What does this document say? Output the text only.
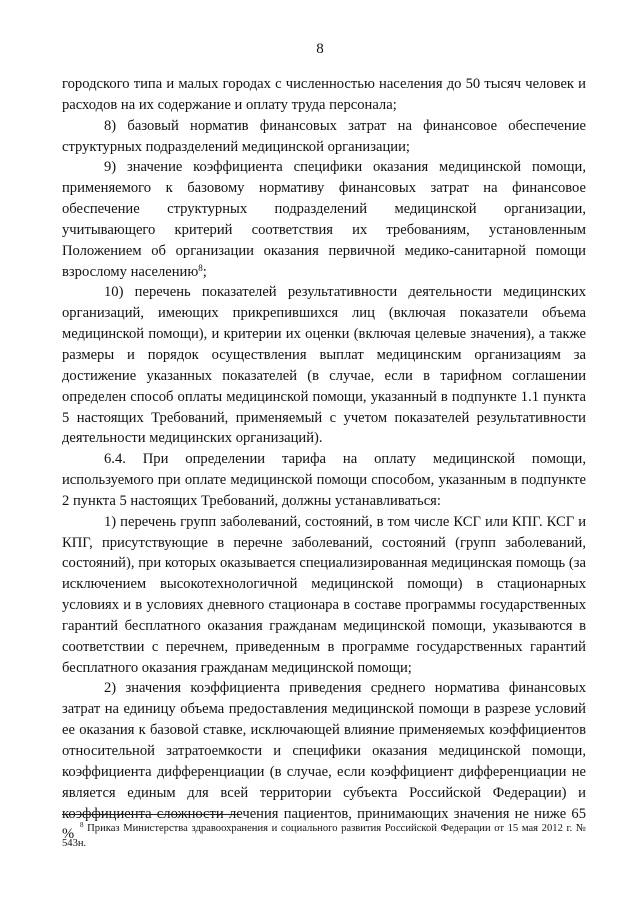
8

городского типа и малых городах с численностью населения до 50 тысяч человек и расходов на их содержание и оплату труда персонала;

8) базовый норматив финансовых затрат на финансовое обеспечение структурных подразделений медицинской организации;

9) значение коэффициента специфики оказания медицинской помощи, применяемого к базовому нормативу финансовых затрат на финансовое обеспечение структурных подразделений медицинской организации, учитывающего критерий соответствия их требованиям, установленным Положением об организации оказания первичной медико-санитарной помощи взрослому населению$^8$;

10) перечень показателей результативности деятельности медицинских организаций, имеющих прикрепившихся лиц (включая показатели объема медицинской помощи), и критерии их оценки (включая целевые значения), а также размеры и порядок осуществления выплат медицинским организациям за достижение указанных показателей (в случае, если в тарифном соглашении определен способ оплаты медицинской помощи, указанный в подпункте 1.1 пункта 5 настоящих Требований, применяемый с учетом показателей результативности деятельности медицинских организаций).

6.4. При определении тарифа на оплату медицинской помощи, используемого при оплате медицинской помощи способом, указанным в подпункте 2 пункта 5 настоящих Требований, должны устанавливаться:

1) перечень групп заболеваний, состояний, в том числе КСГ или КПГ. КСГ и КПГ, присутствующие в перечне заболеваний, состояний (групп заболеваний, состояний), при которых оказывается специализированная медицинская помощь (за исключением высокотехнологичной медицинской помощи) в стационарных условиях и в условиях дневного стационара в составе программы государственных гарантий бесплатного оказания гражданам медицинской помощи, указываются в соответствии с перечнем, приведенным в программе государственных гарантий бесплатного оказания гражданам медицинской помощи;

2) значения коэффициента приведения среднего норматива финансовых затрат на единицу объема предоставления медицинской помощи в разрезе условий ее оказания к базовой ставке, исключающей влияние применяемых коэффициентов относительной затратоемкости и специфики оказания медицинской помощи, коэффициента дифференциации (в случае, если коэффициент дифференциации не является единым для всей территории субъекта Российской Федерации) и коэффициента сложности лечения пациентов, принимающих значения не ниже 65 %

$^8$ Приказ Министерства здравоохранения и социального развития Российской Федерации от 15 мая 2012 г. № 543н.
